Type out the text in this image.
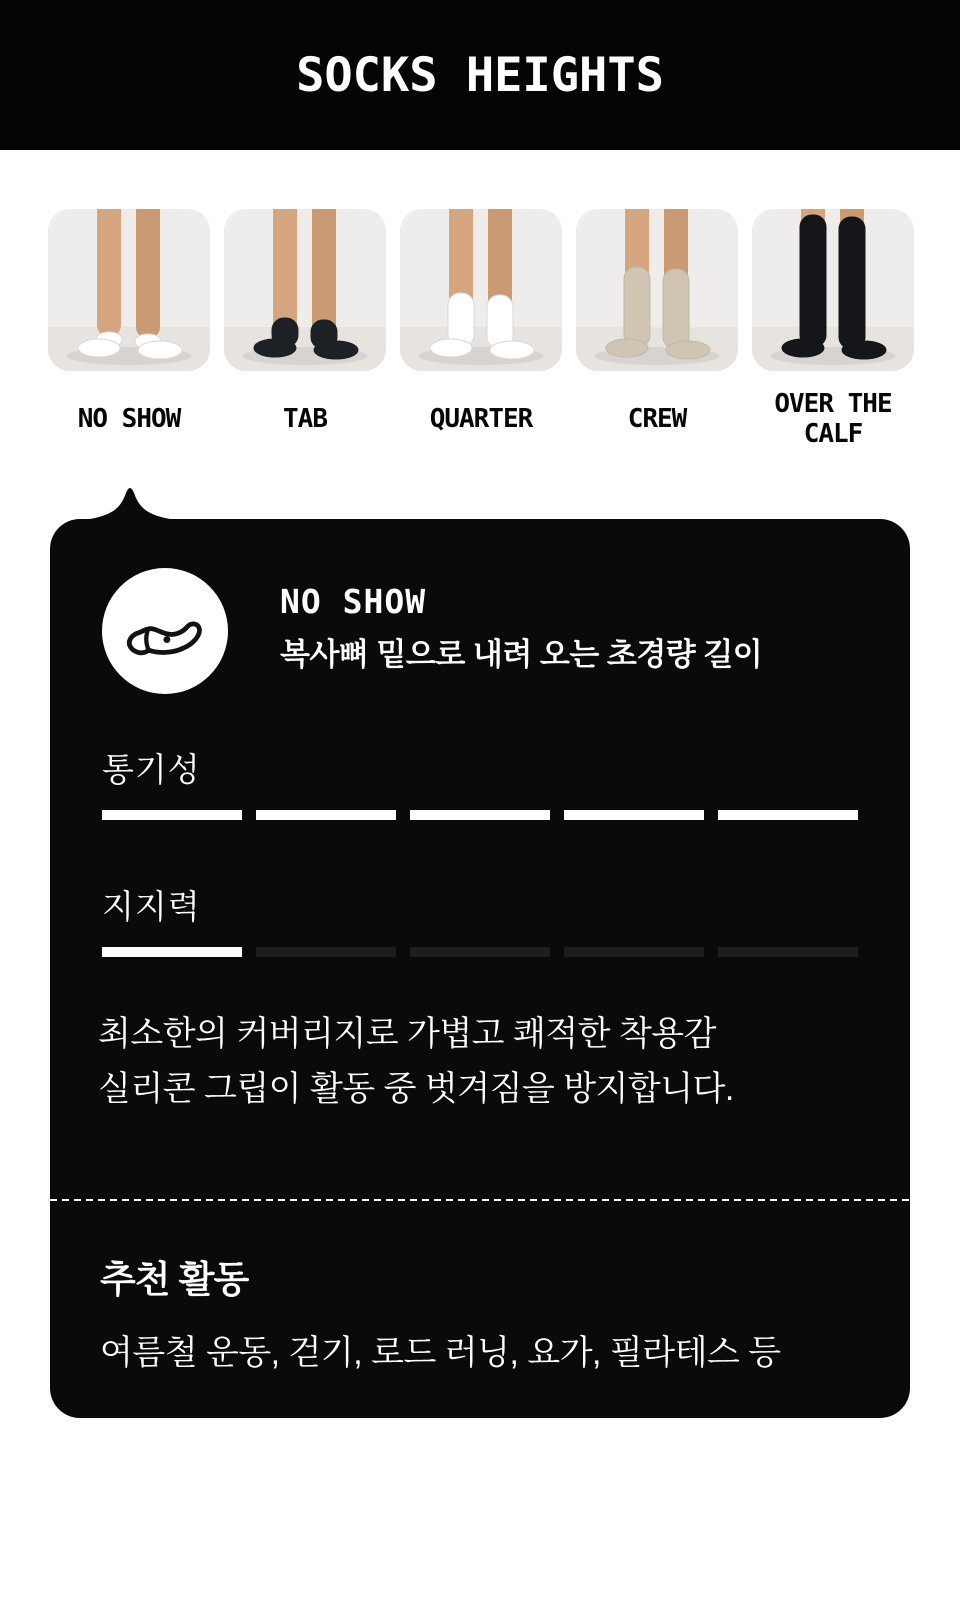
SOCKS HEIGHTS
NO SHOW	TAB	QUARTER	CREW	OVER THE CALF
NO SHOW
복사뼈 밑으로 내려 오는 초경량 길이
통기성
지지력

최소한의 커버리지로 가볍고 쾌적한 착용감
실리콘 그립이 활동 중 벗겨짐을 방지합니다.

추천 활동
여름철 운동, 걷기, 로드 러닝, 요가, 필라테스 등
